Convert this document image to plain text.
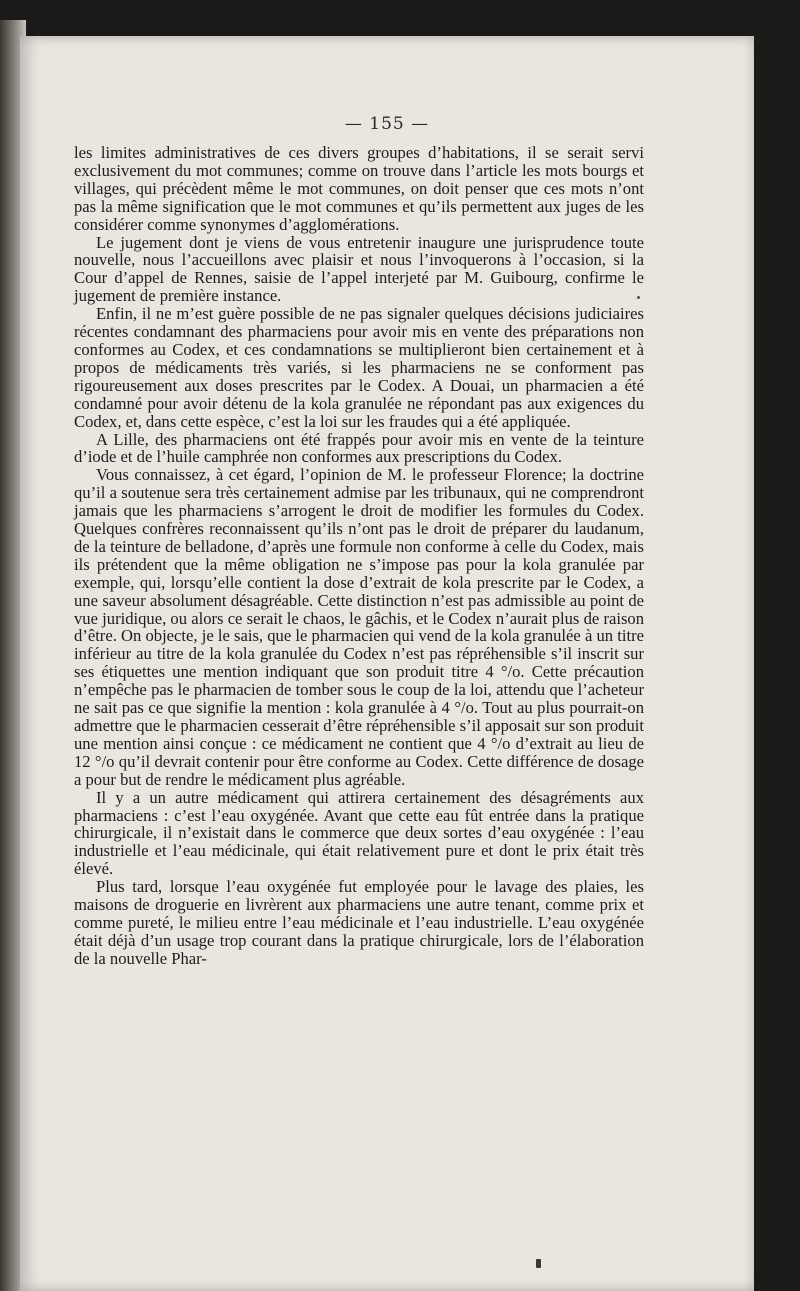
— 155 —

les limites administratives de ces divers groupes d’habitations, il se serait servi exclusivement du mot communes; comme on trouve dans l’article les mots bourgs et villages, qui précèdent même le mot communes, on doit penser que ces mots n’ont pas la même signification que le mot communes et qu’ils permettent aux juges de les considérer comme synonymes d’agglomérations.

Le jugement dont je viens de vous entretenir inaugure une jurisprudence toute nouvelle, nous l’accueillons avec plaisir et nous l’invoquerons à l’occasion, si la Cour d’appel de Rennes, saisie de l’appel interjeté par M. Guibourg, confirme le jugement de première instance.

Enfin, il ne m’est guère possible de ne pas signaler quelques décisions judiciaires récentes condamnant des pharmaciens pour avoir mis en vente des préparations non conformes au Codex, et ces condamnations se multiplieront bien certainement et à propos de médicaments très variés, si les pharmaciens ne se conforment pas rigoureusement aux doses prescrites par le Codex. A Douai, un pharmacien a été condamné pour avoir détenu de la kola granulée ne répondant pas aux exigences du Codex, et, dans cette espèce, c’est la loi sur les fraudes qui a été appliquée.

A Lille, des pharmaciens ont été frappés pour avoir mis en vente de la teinture d’iode et de l’huile camphrée non conformes aux prescriptions du Codex.

Vous connaissez, à cet égard, l’opinion de M. le professeur Florence; la doctrine qu’il a soutenue sera très certainement admise par les tribunaux, qui ne comprendront jamais que les pharmaciens s’arrogent le droit de modifier les formules du Codex. Quelques confrères reconnaissent qu’ils n’ont pas le droit de préparer du laudanum, de la teinture de belladone, d’après une formule non conforme à celle du Codex, mais ils prétendent que la même obligation ne s’impose pas pour la kola granulée par exemple, qui, lorsqu’elle contient la dose d’extrait de kola prescrite par le Codex, a une saveur absolument désagréable. Cette distinction n’est pas admissible au point de vue juridique, ou alors ce serait le chaos, le gâchis, et le Codex n’aurait plus de raison d’être. On objecte, je le sais, que le pharmacien qui vend de la kola granulée à un titre inférieur au titre de la kola granulée du Codex n’est pas répréhensible s’il inscrit sur ses étiquettes une mention indiquant que son produit titre 4 °/o. Cette précaution n’empêche pas le pharmacien de tomber sous le coup de la loi, attendu que l’acheteur ne sait pas ce que signifie la mention : kola granulée à 4 °/o. Tout au plus pourrait-on admettre que le pharmacien cesserait d’être répréhensible s’il apposait sur son produit une mention ainsi conçue : ce médicament ne contient que 4 °/o d’extrait au lieu de 12 °/o qu’il devrait contenir pour être conforme au Codex. Cette différence de dosage a pour but de rendre le médicament plus agréable.

Il y a un autre médicament qui attirera certainement des désagréments aux pharmaciens : c’est l’eau oxygénée. Avant que cette eau fût entrée dans la pratique chirurgicale, il n’existait dans le commerce que deux sortes d’eau oxygénée : l’eau industrielle et l’eau médicinale, qui était relativement pure et dont le prix était très élevé.

Plus tard, lorsque l’eau oxygénée fut employée pour le lavage des plaies, les maisons de droguerie en livrèrent aux pharmaciens une autre tenant, comme prix et comme pureté, le milieu entre l’eau médicinale et l’eau industrielle. L’eau oxygénée était déjà d’un usage trop courant dans la pratique chirurgicale, lors de l’élaboration de la nouvelle Phar-
